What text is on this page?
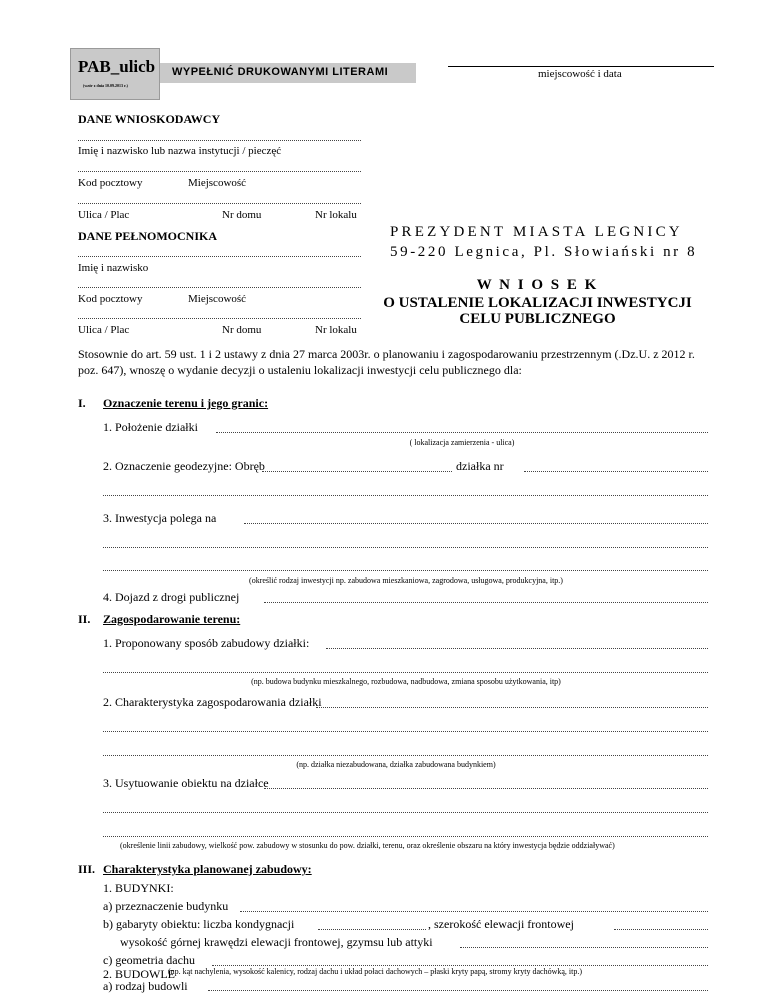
PAB_ulicb
(wzór z dnia 10.09.2013 r.)
WYPEŁNIĆ DRUKOWANYMI LITERAMI	miejscowość i data
DANE WNIOSKODAWCY
Imię i nazwisko lub nazwa instytucji / pieczęć
Kod pocztowy	Miejscowość
Ulica / Plac	Nr domu	Nr lokalu
DANE PEŁNOMOCNIKA
Imię i nazwisko
Kod pocztowy	Miejscowość
Ulica / Plac	Nr domu	Nr lokalu
PREZYDENT MIASTA LEGNICY
59-220 Legnica, Pl. Słowiański nr 8
W N I O S E K
O USTALENIE LOKALIZACJI INWESTYCJI
CELU PUBLICZNEGO
Stosownie do art. 59 ust. 1 i 2 ustawy z dnia 27 marca 2003r. o planowaniu i zagospodarowaniu przestrzennym (.Dz.U. z 2012 r. poz. 647), wnoszę o wydanie decyzji o ustaleniu lokalizacji inwestycji celu publicznego dla:
I. Oznaczenie terenu i jego granic:
1. Położenie działki
( lokalizacja zamierzenia - ulica)
2. Oznaczenie geodezyjne: Obręb	działka nr
3. Inwestycja polega na
(określić rodzaj inwestycji np. zabudowa mieszkaniowa, zagrodowa, usługowa, produkcyjna, itp.)
4. Dojazd z drogi publicznej
II. Zagospodarowanie terenu:
1. Proponowany sposób zabudowy działki:
(np. budowa budynku mieszkalnego, rozbudowa, nadbudowa, zmiana sposobu użytkowania, itp)
2. Charakterystyka zagospodarowania działki
(np. działka niezabudowana, działka zabudowana budynkiem)
3. Usytuowanie obiektu na działce
(określenie linii zabudowy, wielkość pow. zabudowy w stosunku do pow. działki, terenu, oraz określenie obszaru na który inwestycja będzie oddziaływać)
III. Charakterystyka planowanej zabudowy:
1. BUDYNKI:
a) przeznaczenie budynku
b) gabaryty obiektu: liczba kondygnacji	, szerokość elewacji frontowej
wysokość górnej krawędzi elewacji frontowej, gzymsu lub attyki
c) geometria dachu
(np. kąt nachylenia, wysokość kalenicy, rodzaj dachu i układ połaci dachowych – płaski kryty papą, stromy kryty dachówką, itp.)
2. BUDOWLE
a) rodzaj budowli
